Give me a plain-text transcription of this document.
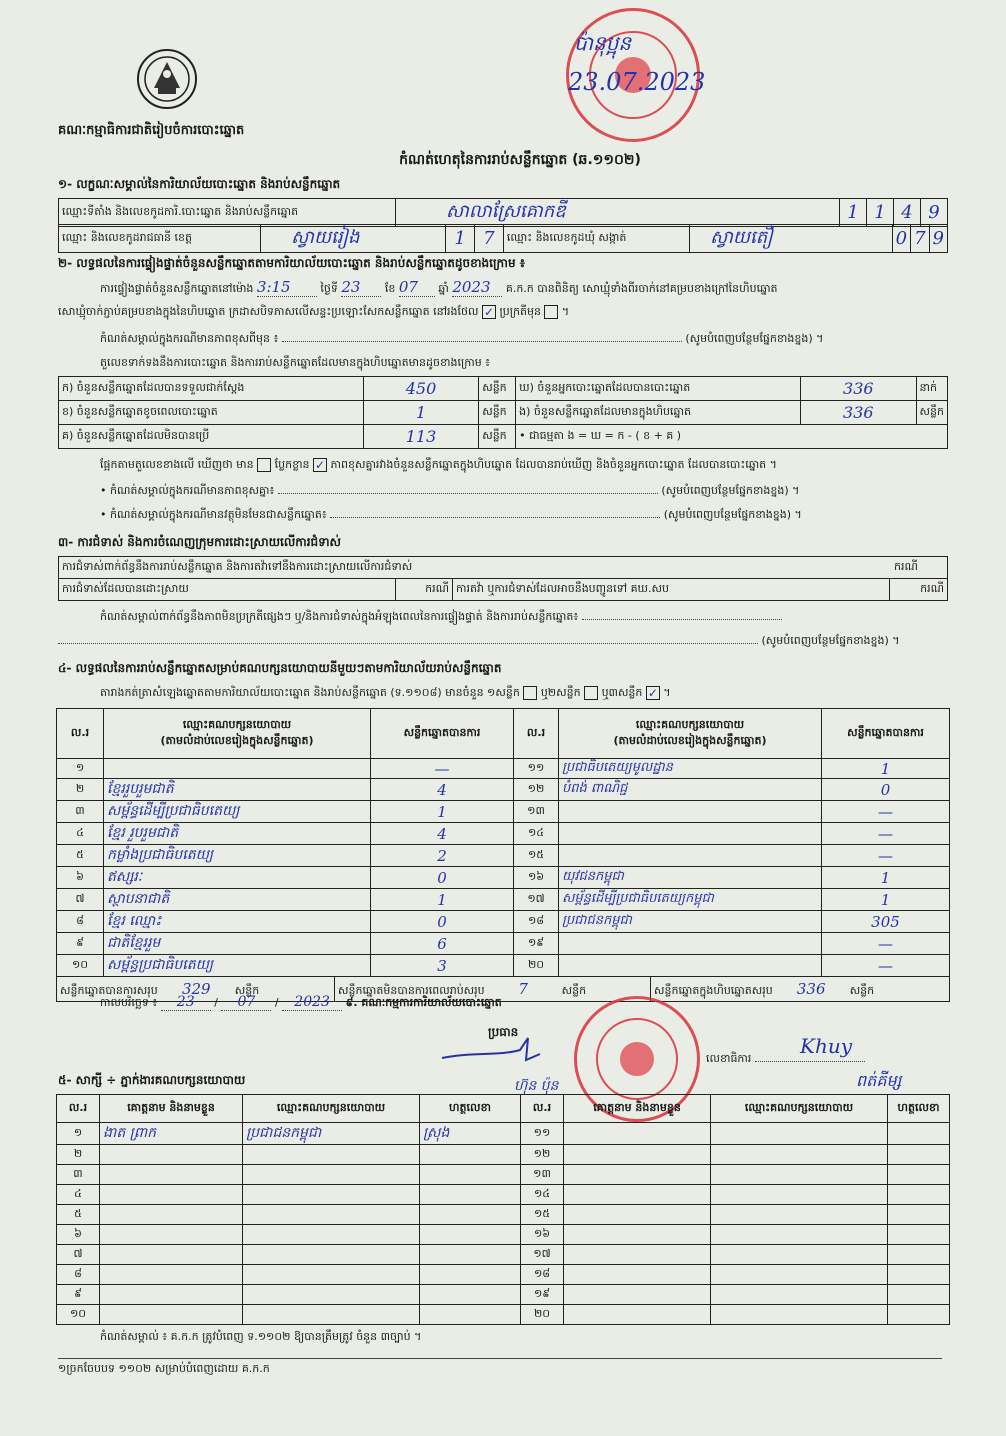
គណៈកម្មាធិការជាតិរៀបចំការបោះឆ្នោត
កំណត់ហេតុនៃការរាប់សន្លឹកឆ្នោត (ឆ.១១០២)
ប៉ានុប្អុន
23.07.2023
១- លក្ខណៈសម្គាល់នៃការិយាល័យបោះឆ្នោត និងរាប់សន្លឹកឆ្នោត
ឈ្មោះទីតាំង និងលេខកូដការិ.បោះឆ្នោត និងរាប់សន្លឹកឆ្នោត	សាលាស្រែគោកឌី	1	1	4	9
ឈ្មោះ និងលេខកូដរាជធានី ខេត្ត	ស្វាយរៀង	1	7	ឈ្មោះ និងលេខកូដឃុំ សង្កាត់	ស្វាយតឿ	0	7	9
២- លទ្ធផលនៃការផ្ទៀងផ្ទាត់ចំនួនសន្លឹកឆ្នោតតាមការិយាល័យបោះឆ្នោត និងរាប់សន្លឹកឆ្នោតដូចខាងក្រោម ៖
ការផ្ទៀងផ្ទាត់ចំនួនសន្លឹកឆ្នោតនៅម៉ោង 3:15	ថ្ងៃទី 23 ខែ 07 ឆ្នាំ 2023 គ.ក.ក បានពិនិត្យ សោឃ្មុំទាំងពីរចាក់នៅគម្របខាងក្រៅនៃហិបឆ្នោត
សោឃ្មុំចាក់ភ្ជាប់គម្របខាងក្នុងនៃហិបឆ្នោត ក្រដាសបិទភាសលើសន្ទះប្រឡោះសែកសន្លឹកឆ្នោត នៅរងថែល ✓ ប្រក្រតីមុន  ។
កំណត់សម្គាល់ក្នុងករណីមានភាពខុសពីមុន ៖	(សូមបំពេញបន្ថែមផ្នែកខាងខ្នង) ។
តួលេខទាក់ទងនឹងការបោះឆ្នោត និងការរាប់សន្លឹកឆ្នោតដែលមានក្នុងហិបឆ្នោតមានដូចខាងក្រោម ៖
ក) ចំនួនសន្លឹកឆ្នោតដែលបានទទួលជាក់ស្តែង	450	សន្លឹក	ឃ) ចំនួនអ្នកបោះឆ្នោតដែលបានបោះឆ្នោត	336	នាក់
ខ) ចំនួនសន្លឹកឆ្នោតខូចពេលបោះឆ្នោត	1	សន្លឹក	ង) ចំនួនសន្លឹកឆ្នោតដែលមានក្នុងហិបឆ្នោត	336	សន្លឹក
គ) ចំនួនសន្លឹកឆ្នោតដែលមិនបានប្រើ	113	សន្លឹក	• ជាធម្មតា ង = ឃ = ក - ( ខ + គ )		
ផ្អែកតាមតួលេខខាងលើ ឃើញថា មាន ប្លែកខ្លាន ✓ ភាពខុសគ្នារវាងចំនួនសន្លឹកឆ្នោតក្នុងហិបឆ្នោត ដែលបានរាប់ឃើញ និងចំនួនអ្នកបោះឆ្នោត ដែលបានបោះឆ្នោត ។
• កំណត់សម្គាល់ក្នុងករណីមានភាពខុសគ្នា៖	(សូមបំពេញបន្ថែមផ្នែកខាងខ្នង) ។
• កំណត់សម្គាល់ក្នុងករណីមានវត្ថុមិនមែនជាសន្លឹកឆ្នោត៖	(សូមបំពេញបន្ថែមផ្នែកខាងខ្នង) ។
៣- ការជំទាស់ និងការចំណេញក្រុមការដោះស្រាយលើការជំទាស់
ការជំទាស់ពាក់ព័ន្ធនឹងការរាប់សន្លឹកឆ្នោត និងការតវ៉ាទៅនឹងការដោះស្រាយលើការជំទាស់	ករណី

ការជំទាស់ដែលបានដោះស្រាយ	ករណី	ការតវ៉ា ឬការជំទាស់ដែលអាចនឹងបញ្ជូនទៅ គឃ.សប	ករណី
កំណត់សម្គាល់ពាក់ព័ន្ធនឹងភាពមិនប្រក្រតីផ្សេងៗ ឬ/និងការជំទាស់ក្នុងអំឡុងពេលនៃការផ្ទៀងផ្ទាត់ និងការរាប់សន្លឹកឆ្នោត៖
(សូមបំពេញបន្ថែមផ្នែកខាងខ្នង) ។
៤- លទ្ធផលនៃការរាប់សន្លឹកឆ្នោតសម្រាប់គណបក្សនយោបាយនីមួយៗតាមការិយាល័យរាប់សន្លឹកឆ្នោត
តារាងកត់ត្រាសំឡេងឆ្នោតតាមការិយាល័យបោះឆ្នោត និងរាប់សន្លឹកឆ្នោត (ទ.១១០៨) មានចំនួន ១សន្លឹក ឬ២សន្លឹក ឬ៣សន្លឹក ✓ ។
ល.រ	ឈ្មោះគណបក្សនយោបាយ
(តាមលំដាប់លេខរៀងក្នុងសន្លឹកឆ្នោត)	សន្លឹកឆ្នោតបានការ	ល.រ	ឈ្មោះគណបក្សនយោបាយ
(តាមលំដាប់លេខរៀងក្នុងសន្លឹកឆ្នោត)	សន្លឹកឆ្នោតបានការ
១		—	១១	ប្រជាធិបតេយ្យមូលដ្ឋាន	1
២	ខ្មែររួបរួមជាតិ	4	១២	បំពង់ ពាណិជ្ជ	0
៣	សម្ព័ន្ធដើម្បីប្រជាធិបតេយ្យ	1	១៣		—
៤	ខ្មែរ រួបរួមជាតិ	4	១៤		—
៥	កម្លាំងប្រជាធិបតេយ្យ	2	១៥		—
៦	ឥស្សរៈ	0	១៦	យុវជនកម្ពុជា	1
៧	ស្ថាបនាជាតិ	1	១៧	សម្ព័ន្ធដើម្បីប្រជាធិបតេយ្យកម្ពុជា	1
៨	ខ្មែរ ឈ្មោះ	0	១៨	ប្រជាជនកម្ពុជា	305
៩	ជាតិខ្មែររួម	6	១៩		—
១០	សម្ព័ន្ធប្រជាធិបតេយ្យ	3	២០		—

សន្លឹកឆ្នោតបានការសរុប 329 សន្លឹក សន្លឹកឆ្នោតមិនបានការពេលរាប់សរុប 7 សន្លឹក សន្លឹកឆ្នោតក្នុងហិបឆ្នោតសរុប 336 សន្លឹក					
កាលបរិច្ឆេទ ៖ 23 / 07 / 2023 ៩. គណៈកម្មការការិយាល័យបោះឆ្នោត
ប្រធាន
ហ៊ុន ប៉ុន
លេខាធិការ
Khuy
ពត់គីម្ស
៥- សាក្សី ÷ ភ្នាក់ងារគណបក្សនយោបាយ
ល.រ	គោត្តនាម និងនាមខ្លួន	ឈ្មោះគណបក្សនយោបាយ	ហត្ថលេខា	ល.រ	គោត្តនាម និងនាមខ្លួន	ឈ្មោះគណបក្សនយោបាយ	ហត្ថលេខា
១	ងាត ព្រាក	ប្រជាជនកម្ពុជា	ស្រុង	១១			
២				១២			
៣				១៣			
៤				១៤			
៥				១៥			
៦				១៦			
៧				១៧			
៨				១៨			
៩				១៩			
១០				២០			
កំណត់សម្គាល់ ៖ គ.ក.ក ត្រូវបំពេញ ទ.១១០២ ឱ្យបានត្រឹមត្រូវ ចំនួន ៣ច្បាប់ ។
១ច្រកចែបបទ ១១០២ សម្រាប់បំពេញដោយ គ.ក.ក
